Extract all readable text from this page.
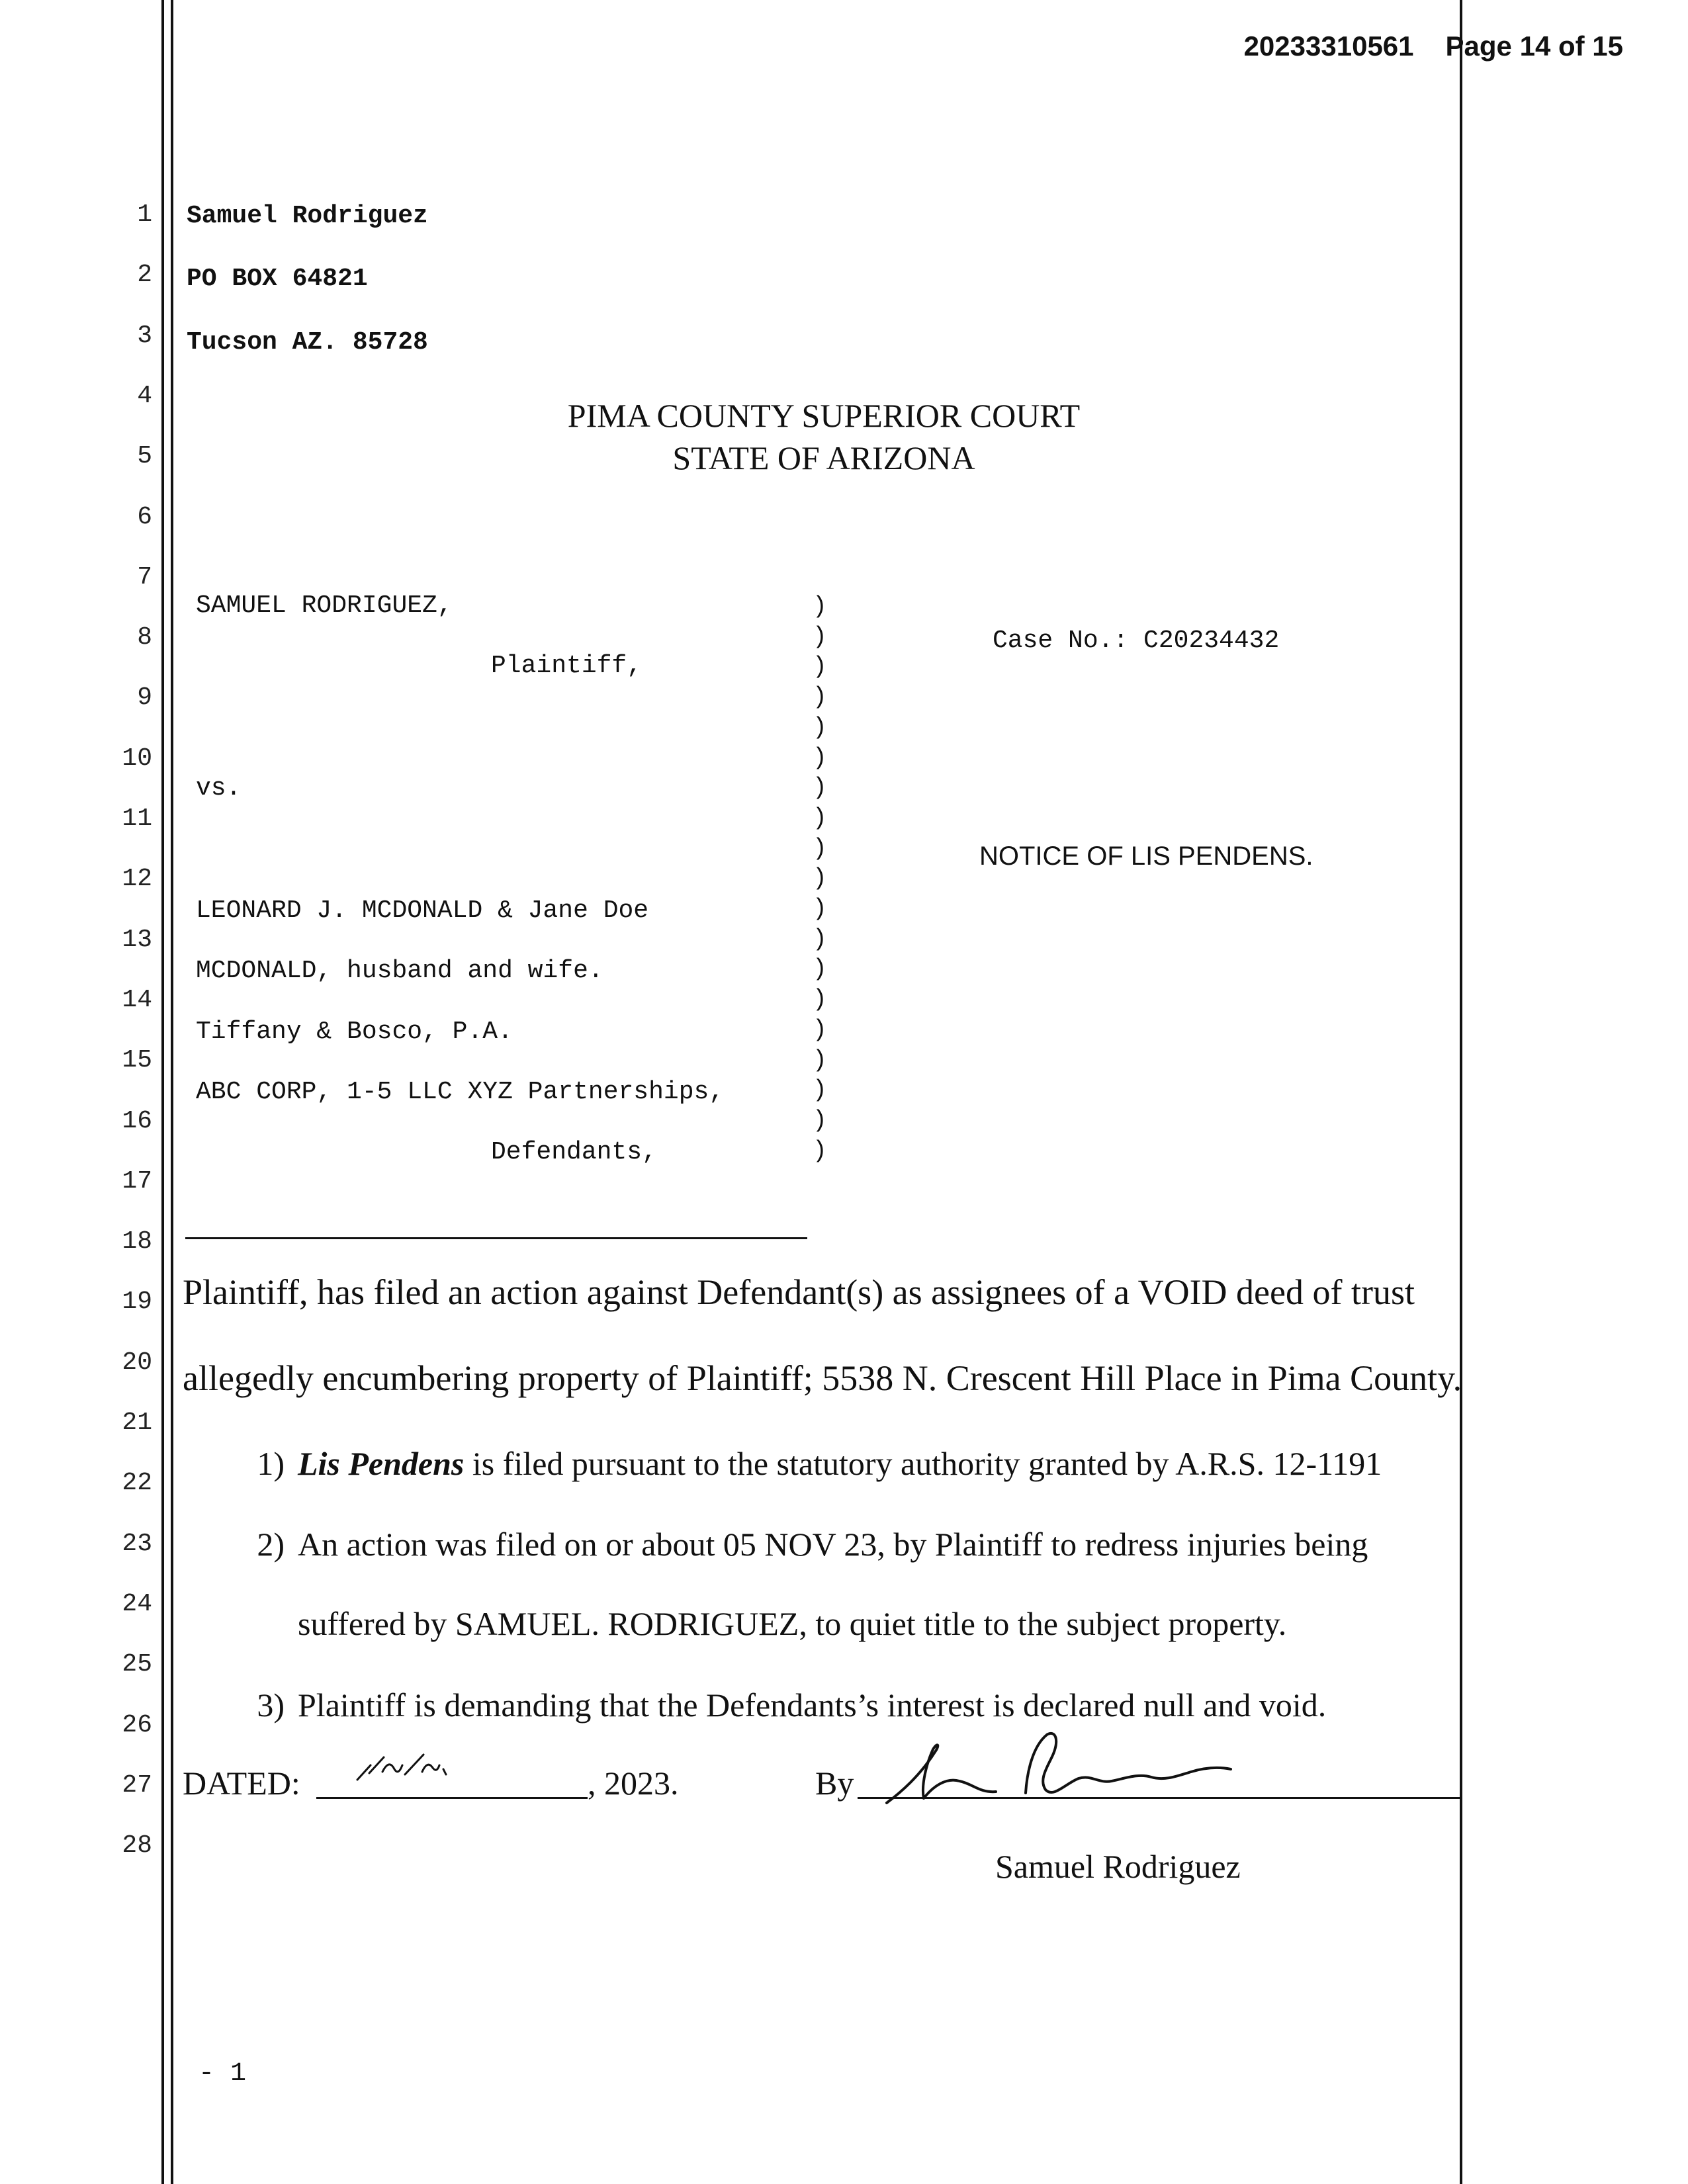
20233310561 Page 14 of 15
1
2
3
4
5
6
7
8
9
10
11
12
13
14
15
16
17
18
19
20
21
22
23
24
25
26
27
28
Samuel Rodriguez
PO BOX 64821
Tucson AZ. 85728
PIMA COUNTY SUPERIOR COURT
STATE OF ARIZONA
SAMUEL RODRIGUEZ,
Plaintiff,
vs.
LEONARD J. MCDONALD & Jane Doe
MCDONALD, husband and wife.
Tiffany & Bosco, P.A.
ABC CORP, 1-5 LLC XYZ Partnerships,
Defendants,
)
)
)
)
)
)
)
)
)
)
)
)
)
)
)
)
)
)
)
Case No.: C20234432
NOTICE OF LIS PENDENS.
Plaintiff, has filed an action against Defendant(s) as assignees of a VOID deed of trust
allegedly encumbering property of Plaintiff; 5538 N. Crescent Hill Place in Pima County.
1) Lis Pendens is filed pursuant to the statutory authority granted by A.R.S. 12-1191
2) An action was filed on or about 05 NOV 23, by Plaintiff to redress injuries being
suffered by SAMUEL. RODRIGUEZ, to quiet title to the subject property.
3) Plaintiff is demanding that the Defendants’s interest is declared null and void.
DATED:	, 2023.	By
Samuel Rodriguez
- 1
